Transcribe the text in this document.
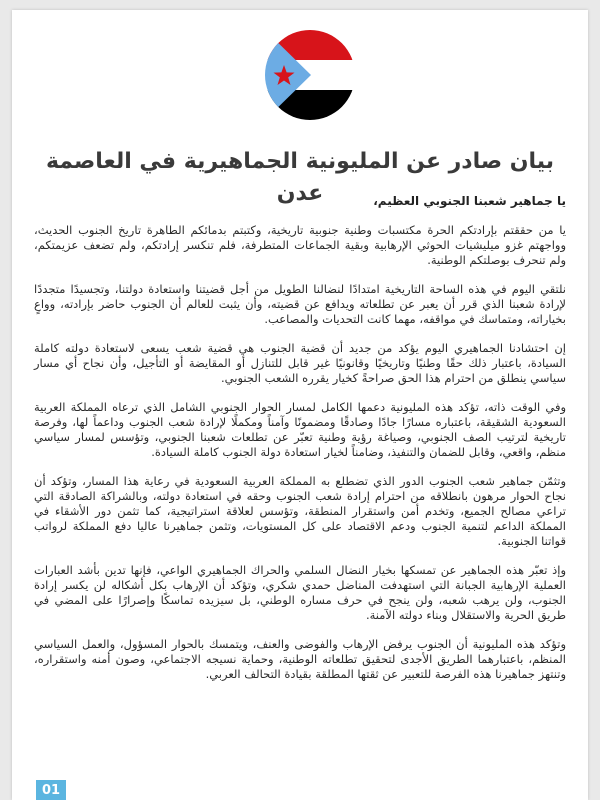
بيان صادر عن المليونية الجماهيرية في العاصمة عدن	يا جماهير شعبنا الجنوبي العظيم،

يا من حققتم بإرادتكم الحرة مكتسبات وطنية جنوبية تاريخية، وكتبتم بدمائكم الطاهرة تاريخ الجنوب الحديث، وواجهتم غزو ميليشيات الحوثي الإرهابية وبقية الجماعات المتطرفة، فلم تنكسر إرادتكم، ولم تضعف عزيمتكم، ولم تنحرف بوصلتكم الوطنية.

نلتقي اليوم في هذه الساحة التاريخية امتدادًا لنضالنا الطويل من أجل قضيتنا واستعادة دولتنا، وتجسيدًا متجددًا لإرادة شعبنا الذي قرر أن يعبر عن تطلعاته ويدافع عن قضيته، وأن يثبت للعالم أن الجنوب حاضر بإرادته، وواعٍ بخياراته، ومتماسك في مواقفه، مهما كانت التحديات والمصاعب.

إن احتشادنا الجماهيري اليوم يؤكد من جديد أن قضية الجنوب هي قضية شعب يسعى لاستعادة دولته كاملة السيادة، باعتبار ذلك حقًا وطنيًا وتاريخيًا وقانونيًا غير قابل للتنازل أو المقايضة أو التأجيل، وأن نجاح أي مسار سياسي ينطلق من احترام هذا الحق صراحةً كخيار يقرره الشعب الجنوبي.

وفي الوقت ذاته، تؤكد هذه المليونية دعمها الكامل لمسار الحوار الجنوبي الشامل الذي ترعاه المملكة العربية السعودية الشقيقة، باعتباره مسارًا جادًا وصادقًا ومضمونًا وآمناً ومكملًا لإرادة شعب الجنوب وداعماً لها، وفرصة تاريخية لترتيب الصف الجنوبي، وصياغة رؤية وطنية تعبّر عن تطلعات شعبنا الجنوبي، وتؤسس لمسار سياسي منظم، واقعي، وقابل للضمان والتنفيذ، وضامناً لخيار استعادة دولة الجنوب كاملة السيادة.

وتثمّن جماهير شعب الجنوب الدور الذي تضطلع به المملكة العربية السعودية في رعاية هذا المسار، وتؤكد أن نجاح الحوار مرهون بانطلاقه من احترام إرادة شعب الجنوب وحقه في استعادة دولته، وبالشراكة الصادقة التي تراعي مصالح الجميع، وتخدم أمن واستقرار المنطقة، وتؤسس لعلاقة استراتيجية، كما تثمن دور الأشقاء في المملكة الداعم لتنمية الجنوب ودعم الاقتصاد على كل المستويات، وتثمن جماهيرنا عاليا دفع المملكة لرواتب قواتنا الجنوبية.

وإذ تعبّر هذه الجماهير عن تمسكها بخيار النضال السلمي والحراك الجماهيري الواعي، فإنها تدين بأشد العبارات العملية الإرهابية الجبانة التي استهدفت المناضل حمدي شكري، وتؤكد أن الإرهاب بكل أشكاله لن يكسر إرادة الجنوب، ولن يرهب شعبه، ولن ينجح في حرف مساره الوطني، بل سيزيده تماسكًا وإصرارًا على المضي في طريق الحرية والاستقلال وبناء دولته الآمنة.

وتؤكد هذه المليونية أن الجنوب يرفض الإرهاب والفوضى والعنف، ويتمسك بالحوار المسؤول، والعمل السياسي المنظم، باعتبارهما الطريق الأجدى لتحقيق تطلعاته الوطنية، وحماية نسيجه الاجتماعي، وصون أمنه واستقراره، وتنتهز جماهيرنا هذه الفرصة للتعبير عن ثقتها المطلقة بقيادة التحالف العربي.

01
